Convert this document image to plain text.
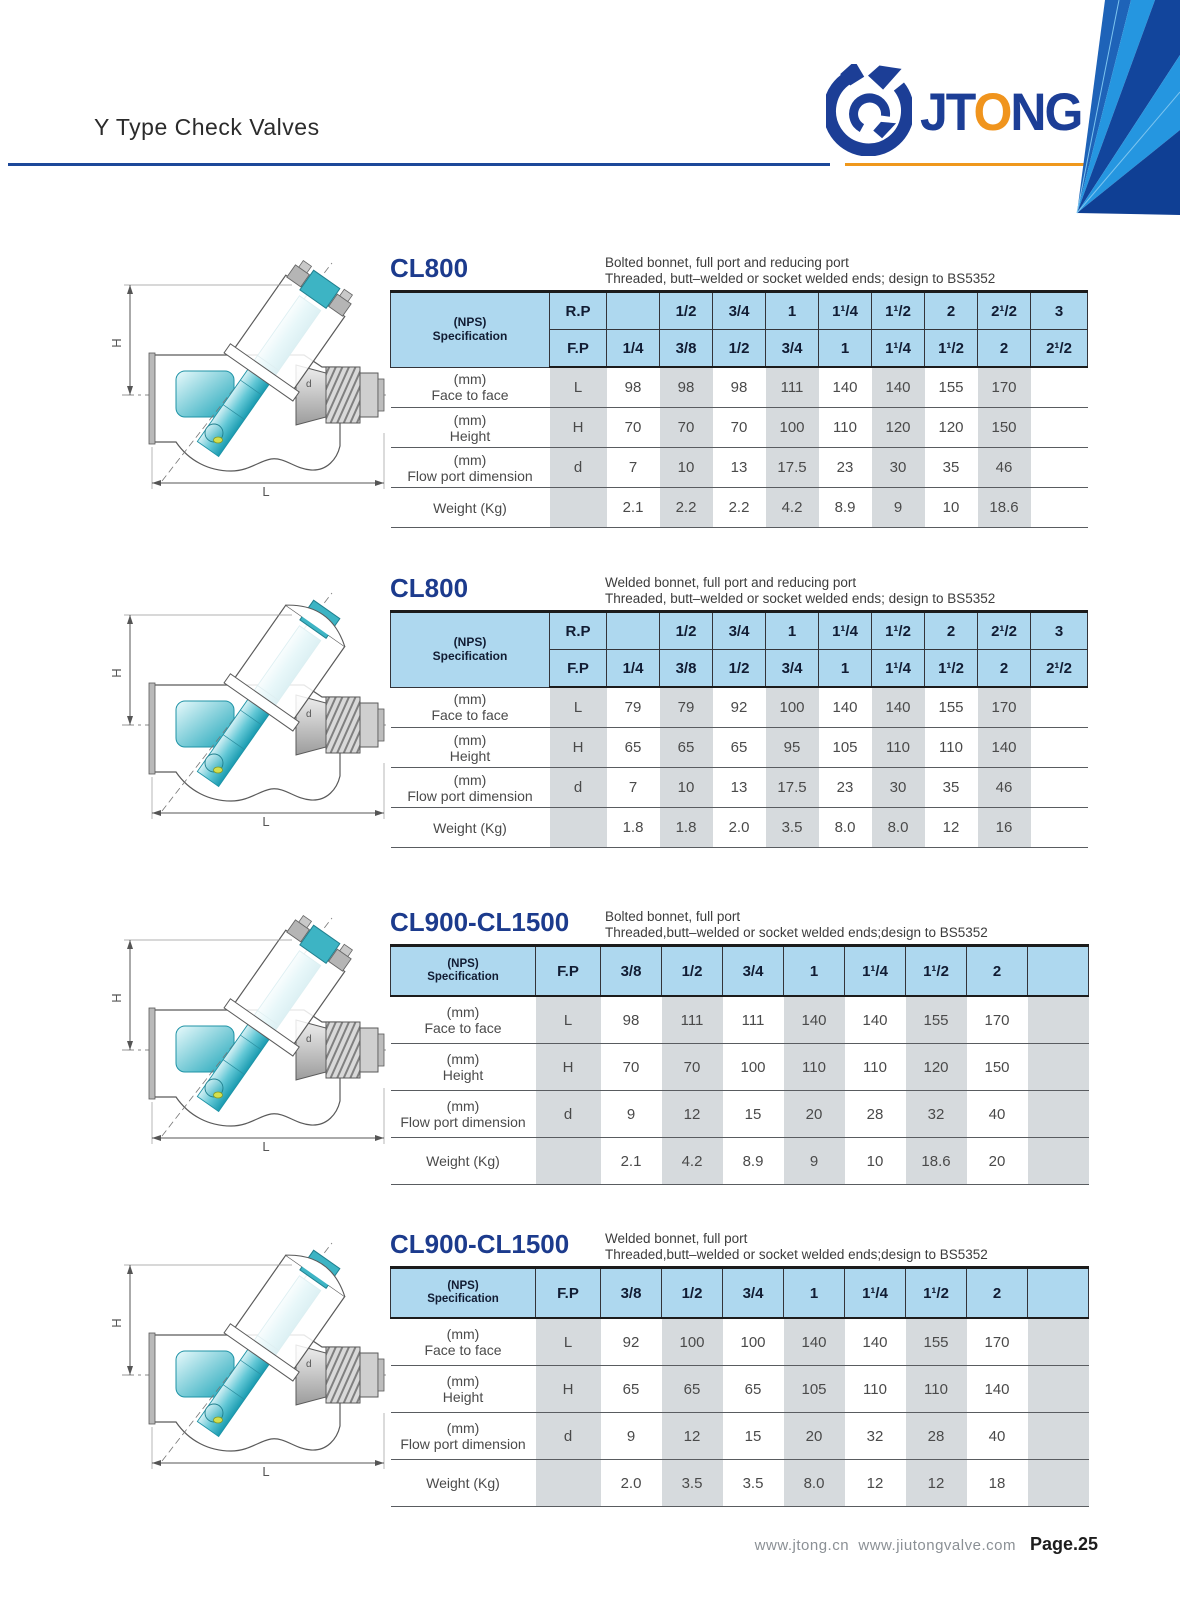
Y Type Check Valves	JTONG
H
L
d
H
L
d
H
L
d
H
L
d
CL800	Bolted bonnet, full port and reducing port
Threaded, butt–welded or socket welded ends; design to BS5352
(NPS)
Specification	R.P		1/2	3/4	1	1¹/4	1¹/2	2	2¹/2	3
	F.P	1/4	3/8	1/2	3/4	1	1¹/4	1¹/2	2	2¹/2

(mm)
Face to face	L	98	98	98	111	140	140	155	170	

(mm)
Height	H	70	70	70	100	110	120	120	150	

(mm)
Flow port dimension	d	7	10	13	17.5	23	30	35	46	

Weight (Kg)		2.1	2.2	2.2	4.2	8.9	9	10	18.6	
CL800	Welded bonnet, full port and reducing port
Threaded, butt–welded or socket welded ends; design to BS5352
(NPS)
Specification	R.P		1/2	3/4	1	1¹/4	1¹/2	2	2¹/2	3
	F.P	1/4	3/8	1/2	3/4	1	1¹/4	1¹/2	2	2¹/2

(mm)
Face to face	L	79	79	92	100	140	140	155	170	

(mm)
Height	H	65	65	65	95	105	110	110	140	

(mm)
Flow port dimension	d	7	10	13	17.5	23	30	35	46	

Weight (Kg)		1.8	1.8	2.0	3.5	8.0	8.0	12	16	
CL900-CL1500	Bolted bonnet, full port
Threaded,butt–welded or socket welded ends;design to BS5352
(NPS)
Specification	F.P	3/8	1/2	3/4	1	1¹/4	1¹/2	2	

(mm)
Face to face	L	98	111	111	140	140	155	170	

(mm)
Height	H	70	70	100	110	110	120	150	

(mm)
Flow port dimension	d	9	12	15	20	28	32	40	

Weight (Kg)		2.1	4.2	8.9	9	10	18.6	20	
CL900-CL1500	Welded bonnet, full port
Threaded,butt–welded or socket welded ends;design to BS5352
(NPS)
Specification	F.P	3/8	1/2	3/4	1	1¹/4	1¹/2	2	

(mm)
Face to face	L	92	100	100	140	140	155	170	

(mm)
Height	H	65	65	65	105	110	110	140	

(mm)
Flow port dimension	d	9	12	15	20	32	28	40	

Weight (Kg)		2.0	3.5	3.5	8.0	12	12	18	
www.jtong.cn www.jiutongvalve.com Page.25
